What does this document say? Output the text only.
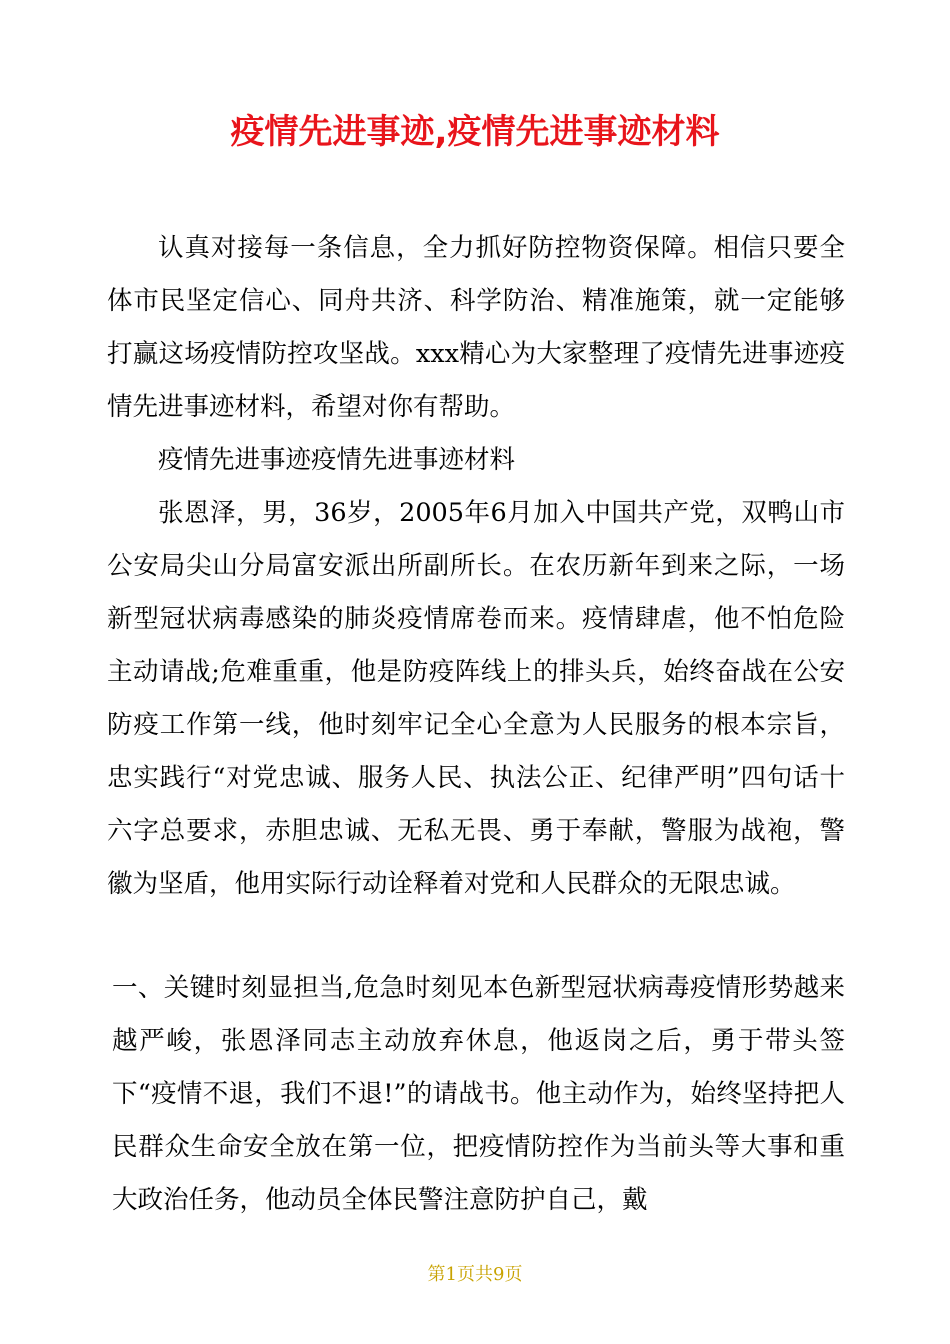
疫情先进事迹,疫情先进事迹材料

认真对接每一条信息，全力抓好防控物资保障。相信只要全体市民坚定信心、同舟共济、科学防治、精准施策，就一定能够打赢这场疫情防控攻坚战。xxx精心为大家整理了疫情先进事迹疫情先进事迹材料，希望对你有帮助。

疫情先进事迹疫情先进事迹材料

张恩泽，男，36岁，2005年6月加入中国共产党，双鸭山市公安局尖山分局富安派出所副所长。在农历新年到来之际，一场新型冠状病毒感染的肺炎疫情席卷而来。疫情肆虐，他不怕危险主动请战;危难重重，他是防疫阵线上的排头兵，始终奋战在公安防疫工作第一线，他时刻牢记全心全意为人民服务的根本宗旨，忠实践行“对党忠诚、服务人民、执法公正、纪律严明”四句话十六字总要求，赤胆忠诚、无私无畏、勇于奉献，警服为战袍，警徽为坚盾，他用实际行动诠释着对党和人民群众的无限忠诚。

一、关键时刻显担当,危急时刻见本色新型冠状病毒疫情形势越来越严峻，张恩泽同志主动放弃休息，他返岗之后，勇于带头签下“疫情不退，我们不退!”的请战书。他主动作为，始终坚持把人民群众生命安全放在第一位，把疫情防控作为当前头等大事和重大政治任务，他动员全体民警注意防护自己，戴
第1页共9页
